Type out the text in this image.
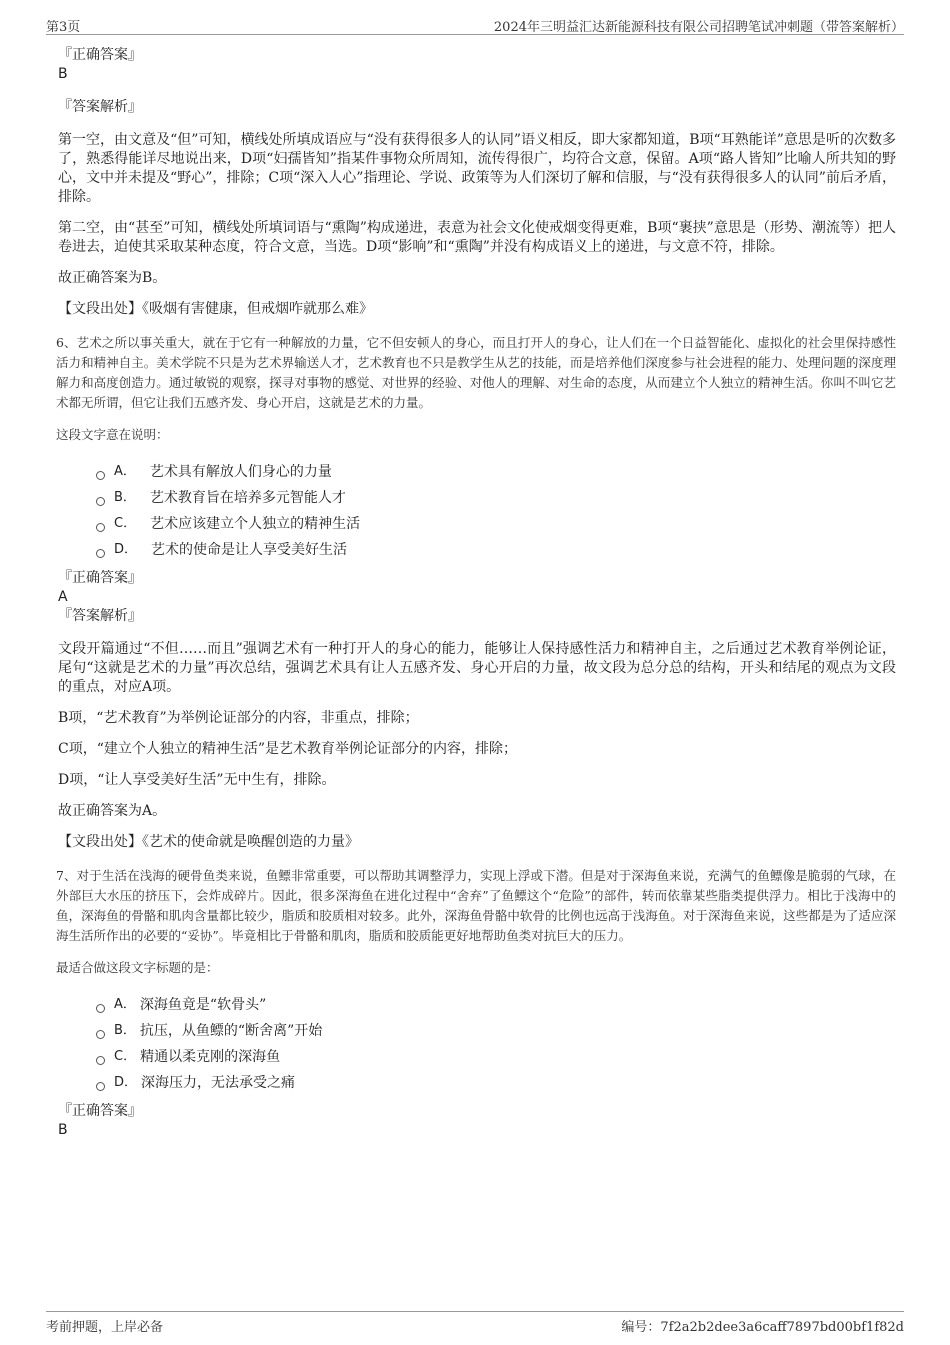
第3页	2024年三明益汇达新能源科技有限公司招聘笔试冲刺题（带答案解析）
『正确答案』
B
『答案解析』
第一空，由文意及“但”可知，横线处所填成语应与“没有获得很多人的认同”语义相反，即大家都知道，B项“耳熟能详”意思是听的次数多了，熟悉得能详尽地说出来，D项“妇孺皆知”指某件事物众所周知，流传得很广，均符合文意，保留。A项“路人皆知”比喻人所共知的野心，文中并未提及“野心”，排除；C项“深入人心”指理论、学说、政策等为人们深切了解和信服，与“没有获得很多人的认同”前后矛盾，排除。
第二空，由“甚至”可知，横线处所填词语与“熏陶”构成递进，表意为社会文化使戒烟变得更难，B项“裹挟”意思是（形势、潮流等）把人卷进去，迫使其采取某种态度，符合文意，当选。D项“影响”和“熏陶”并没有构成语义上的递进，与文意不符，排除。
故正确答案为B。
【文段出处】《吸烟有害健康，但戒烟咋就那么难》
6、艺术之所以事关重大，就在于它有一种解放的力量，它不但安顿人的身心，而且打开人的身心，让人们在一个日益智能化、虚拟化的社会里保持感性活力和精神自主。美术学院不只是为艺术界输送人才，艺术教育也不只是教学生从艺的技能，而是培养他们深度参与社会进程的能力、处理问题的深度理解力和高度创造力。通过敏锐的观察，探寻对事物的感觉、对世界的经验、对他人的理解、对生命的态度，从而建立个人独立的精神生活。你叫不叫它艺术都无所谓，但它让我们五感齐发、身心开启，这就是艺术的力量。
这段文字意在说明：
A． 艺术具有解放人们身心的力量
B． 艺术教育旨在培养多元智能人才
C． 艺术应该建立个人独立的精神生活
D． 艺术的使命是让人享受美好生活
『正确答案』
A
『答案解析』
文段开篇通过“不但……而且”强调艺术有一种打开人的身心的能力，能够让人保持感性活力和精神自主，之后通过艺术教育举例论证，尾句“这就是艺术的力量”再次总结，强调艺术具有让人五感齐发、身心开启的力量，故文段为总分总的结构，开头和结尾的观点为文段的重点，对应A项。
B项，“艺术教育”为举例论证部分的内容，非重点，排除；
C项，“建立个人独立的精神生活”是艺术教育举例论证部分的内容，排除；
D项，“让人享受美好生活”无中生有，排除。
故正确答案为A。
【文段出处】《艺术的使命就是唤醒创造的力量》
7、对于生活在浅海的硬骨鱼类来说，鱼鳔非常重要，可以帮助其调整浮力，实现上浮或下潜。但是对于深海鱼来说，充满气的鱼鳔像是脆弱的气球，在外部巨大水压的挤压下，会炸成碎片。因此，很多深海鱼在进化过程中“舍弃”了鱼鳔这个“危险”的部件，转而依靠某些脂类提供浮力。相比于浅海中的鱼，深海鱼的骨骼和肌肉含量都比较少，脂质和胶质相对较多。此外，深海鱼骨骼中软骨的比例也远高于浅海鱼。对于深海鱼来说，这些都是为了适应深海生活所作出的必要的“妥协”。毕竟相比于骨骼和肌肉，脂质和胶质能更好地帮助鱼类对抗巨大的压力。
最适合做这段文字标题的是：
A． 深海鱼竟是“软骨头”
B． 抗压，从鱼鳔的“断舍离”开始
C． 精通以柔克刚的深海鱼
D． 深海压力，无法承受之痛
『正确答案』
B
考前押题，上岸必备	编号：7f2a2b2dee3a6caff7897bd00bf1f82d
